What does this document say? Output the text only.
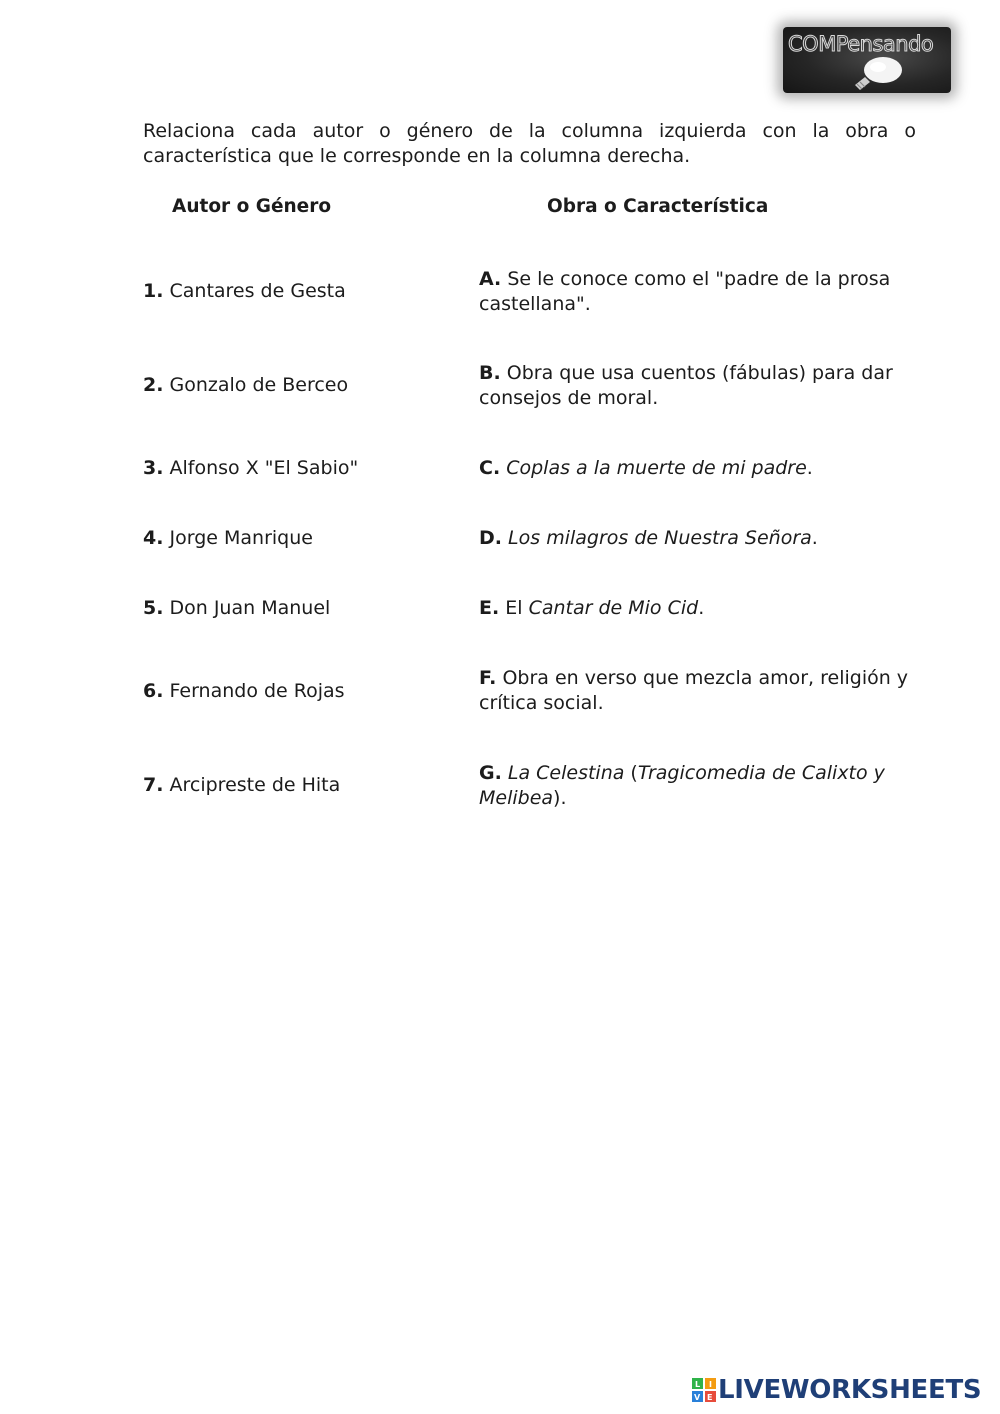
COMPensando

Relaciona cada autor o género de la columna izquierda con la obra o característica que le corresponde en la columna derecha.

Autor o Género	Obra o Característica
1. Cantares de Gesta
2. Gonzalo de Berceo
3. Alfonso X "El Sabio"
4. Jorge Manrique
5. Don Juan Manuel
6. Fernando de Rojas
7. Arcipreste de Hita
A. Se le conoce como el "padre de la prosa castellana".
B. Obra que usa cuentos (fábulas) para dar consejos de moral.
C. Coplas a la muerte de mi padre.
D. Los milagros de Nuestra Señora.
E. El Cantar de Mio Cid.
F. Obra en verso que mezcla amor, religión y crítica social.
G. La Celestina (Tragicomedia de Calixto y Melibea).
L I
V E LIVEWORKSHEETS
